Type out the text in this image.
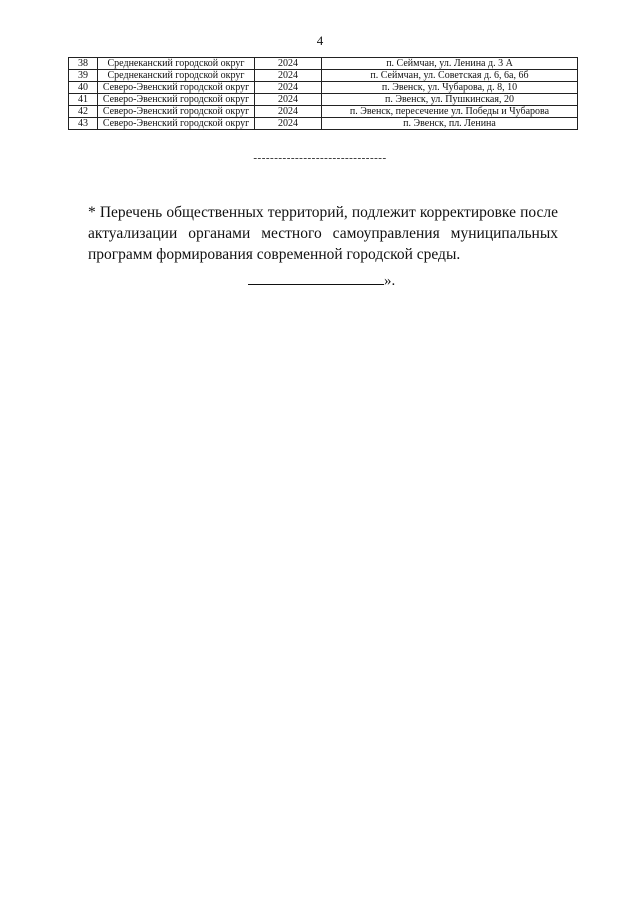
4
38	Среднеканский городской округ	2024	п. Сеймчан, ул. Ленина д. 3 А
39	Среднеканский городской округ	2024	п. Сеймчан, ул. Советская д. 6, 6а, 6б
40	Северо-Эвенский городской округ	2024	п. Эвенск, ул. Чубарова, д. 8, 10
41	Северо-Эвенский городской округ	2024	п. Эвенск, ул. Пушкинская, 20
42	Северо-Эвенский городской округ	2024	п. Эвенск, пересечение ул. Победы и Чубарова
43	Северо-Эвенский городской округ	2024	п. Эвенск, пл. Ленина
--------------------------------

* Перечень общественных территорий, подлежит корректировке после актуализации органами местного самоуправления муниципальных программ формирования современной городской среды.

».
